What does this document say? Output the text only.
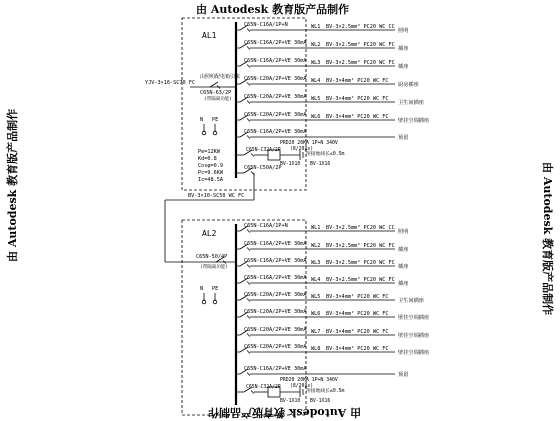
由 Autodesk 教育版产品制作
由 Autodesk 教育版产品制作
由 Autodesk 教育版产品制作	由 Autodesk 教育版产品制作
AL1
C65N-C16A/1P+N	WL1 BV-3×2.5mm² PC20 WC CC
照明
C65N-C16A/2P+VE 30mA WL2 BV-3×2.5mm² PC20 WC FC
插座
C65N-C16A/2P+VE 30mA WL3 BV-3×2.5mm² PC20 WC FC
插座
C65N-C20A/2P+VE 30mA WL4 BV-3×4mm² PC20 WC FC
厨房插座
C65N-C20A/2P+VE 30mA WL5 BV-3×4mm² PC20 WC FC
卫生间插座
C65N-C20A/2P+VE 30mA WL6 BV-3×4mm² PC20 WC FC
壁挂空调插座
C65N-C16A/2P+VE 30mA
预留
C65N-C32A/2P
PRD20 20KA 1P+N 340V
(8/20μs)
BV-1X10 BV-1X16
用接地线长≤0.5m
C65N-C50A/2P
BV-3×10-SC50 WC FC
由照明配电箱引来
YJV-3×16-SC70 FC
C65N-63/2P
(带隔离功能)
N PE
Pe=12KW
Kd=0.8
Cosφ=0.9
Pc=9.6KW
Ic=48.5A
AL2
C65N-C16A/1P+N	WL1 BV-3×2.5mm² PC20 WC CC
照明
C65N-C16A/2P+VE 30mA WL2 BV-3×2.5mm² PC20 WC FC
插座
C65N-C16A/2P+VE 30mA WL3 BV-3×2.5mm² PC20 WC FC
插座
C65N-C16A/2P+VE 30mA WL4 BV-3×2.5mm² PC20 WC FC
插座
C65N-C20A/2P+VE 30mA WL5 BV-3×4mm² PC20 WC FC
卫生间插座
C65N-C20A/2P+VE 30mA WL6 BV-3×4mm² PC20 WC FC
壁挂空调插座
C65N-C20A/2P+VE 30mA WL7 BV-3×4mm² PC20 WC FC
壁挂空调插座
C65N-C20A/2P+VE 30mA WL8 BV-3×4mm² PC20 WC FC
壁挂空调插座
C65N-C16A/2P+VE 30mA
预留
C65N-C32A/2P
PRD20 20KA 1P+N 340V
(8/20μs)
BV-1X10 BV-1X16
用接地线长≤0.5m
C65N-50/4P
(带隔离功能)
N PE
